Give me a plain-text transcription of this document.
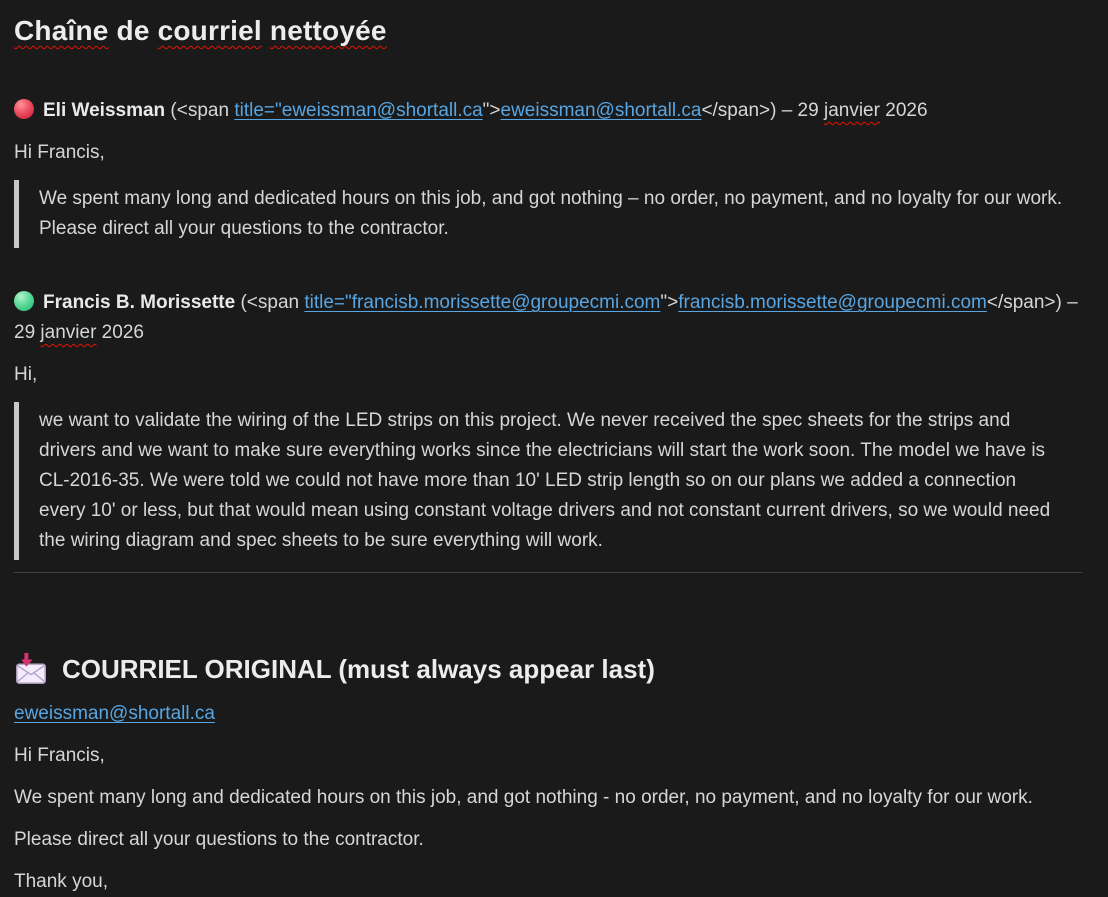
Chaîne de courriel nettoyée

Eli Weissman (<span title="eweissman@shortall.ca">eweissman@shortall.ca</span>) – 29 janvier 2026

Hi Francis,

We spent many long and dedicated hours on this job, and got nothing – no order, no payment, and no loyalty for our work. Please direct all your questions to the contractor.

Francis B. Morissette (<span title="francisb.morissette@groupecmi.com">francisb.morissette@groupecmi.com</span>) – 29 janvier 2026

Hi,

we want to validate the wiring of the LED strips on this project. We never received the spec sheets for the strips and drivers and we want to make sure everything works since the electricians will start the work soon. The model we have is CL-2016-35. We were told we could not have more than 10' LED strip length so on our plans we added a connection every 10' or less, but that would mean using constant voltage drivers and not constant current drivers, so we would need the wiring diagram and spec sheets to be sure everything will work.
COURRIEL ORIGINAL (must always appear last)

eweissman@shortall.ca

Hi Francis,

We spent many long and dedicated hours on this job, and got nothing - no order, no payment, and no loyalty for our work.

Please direct all your questions to the contractor.

Thank you,
